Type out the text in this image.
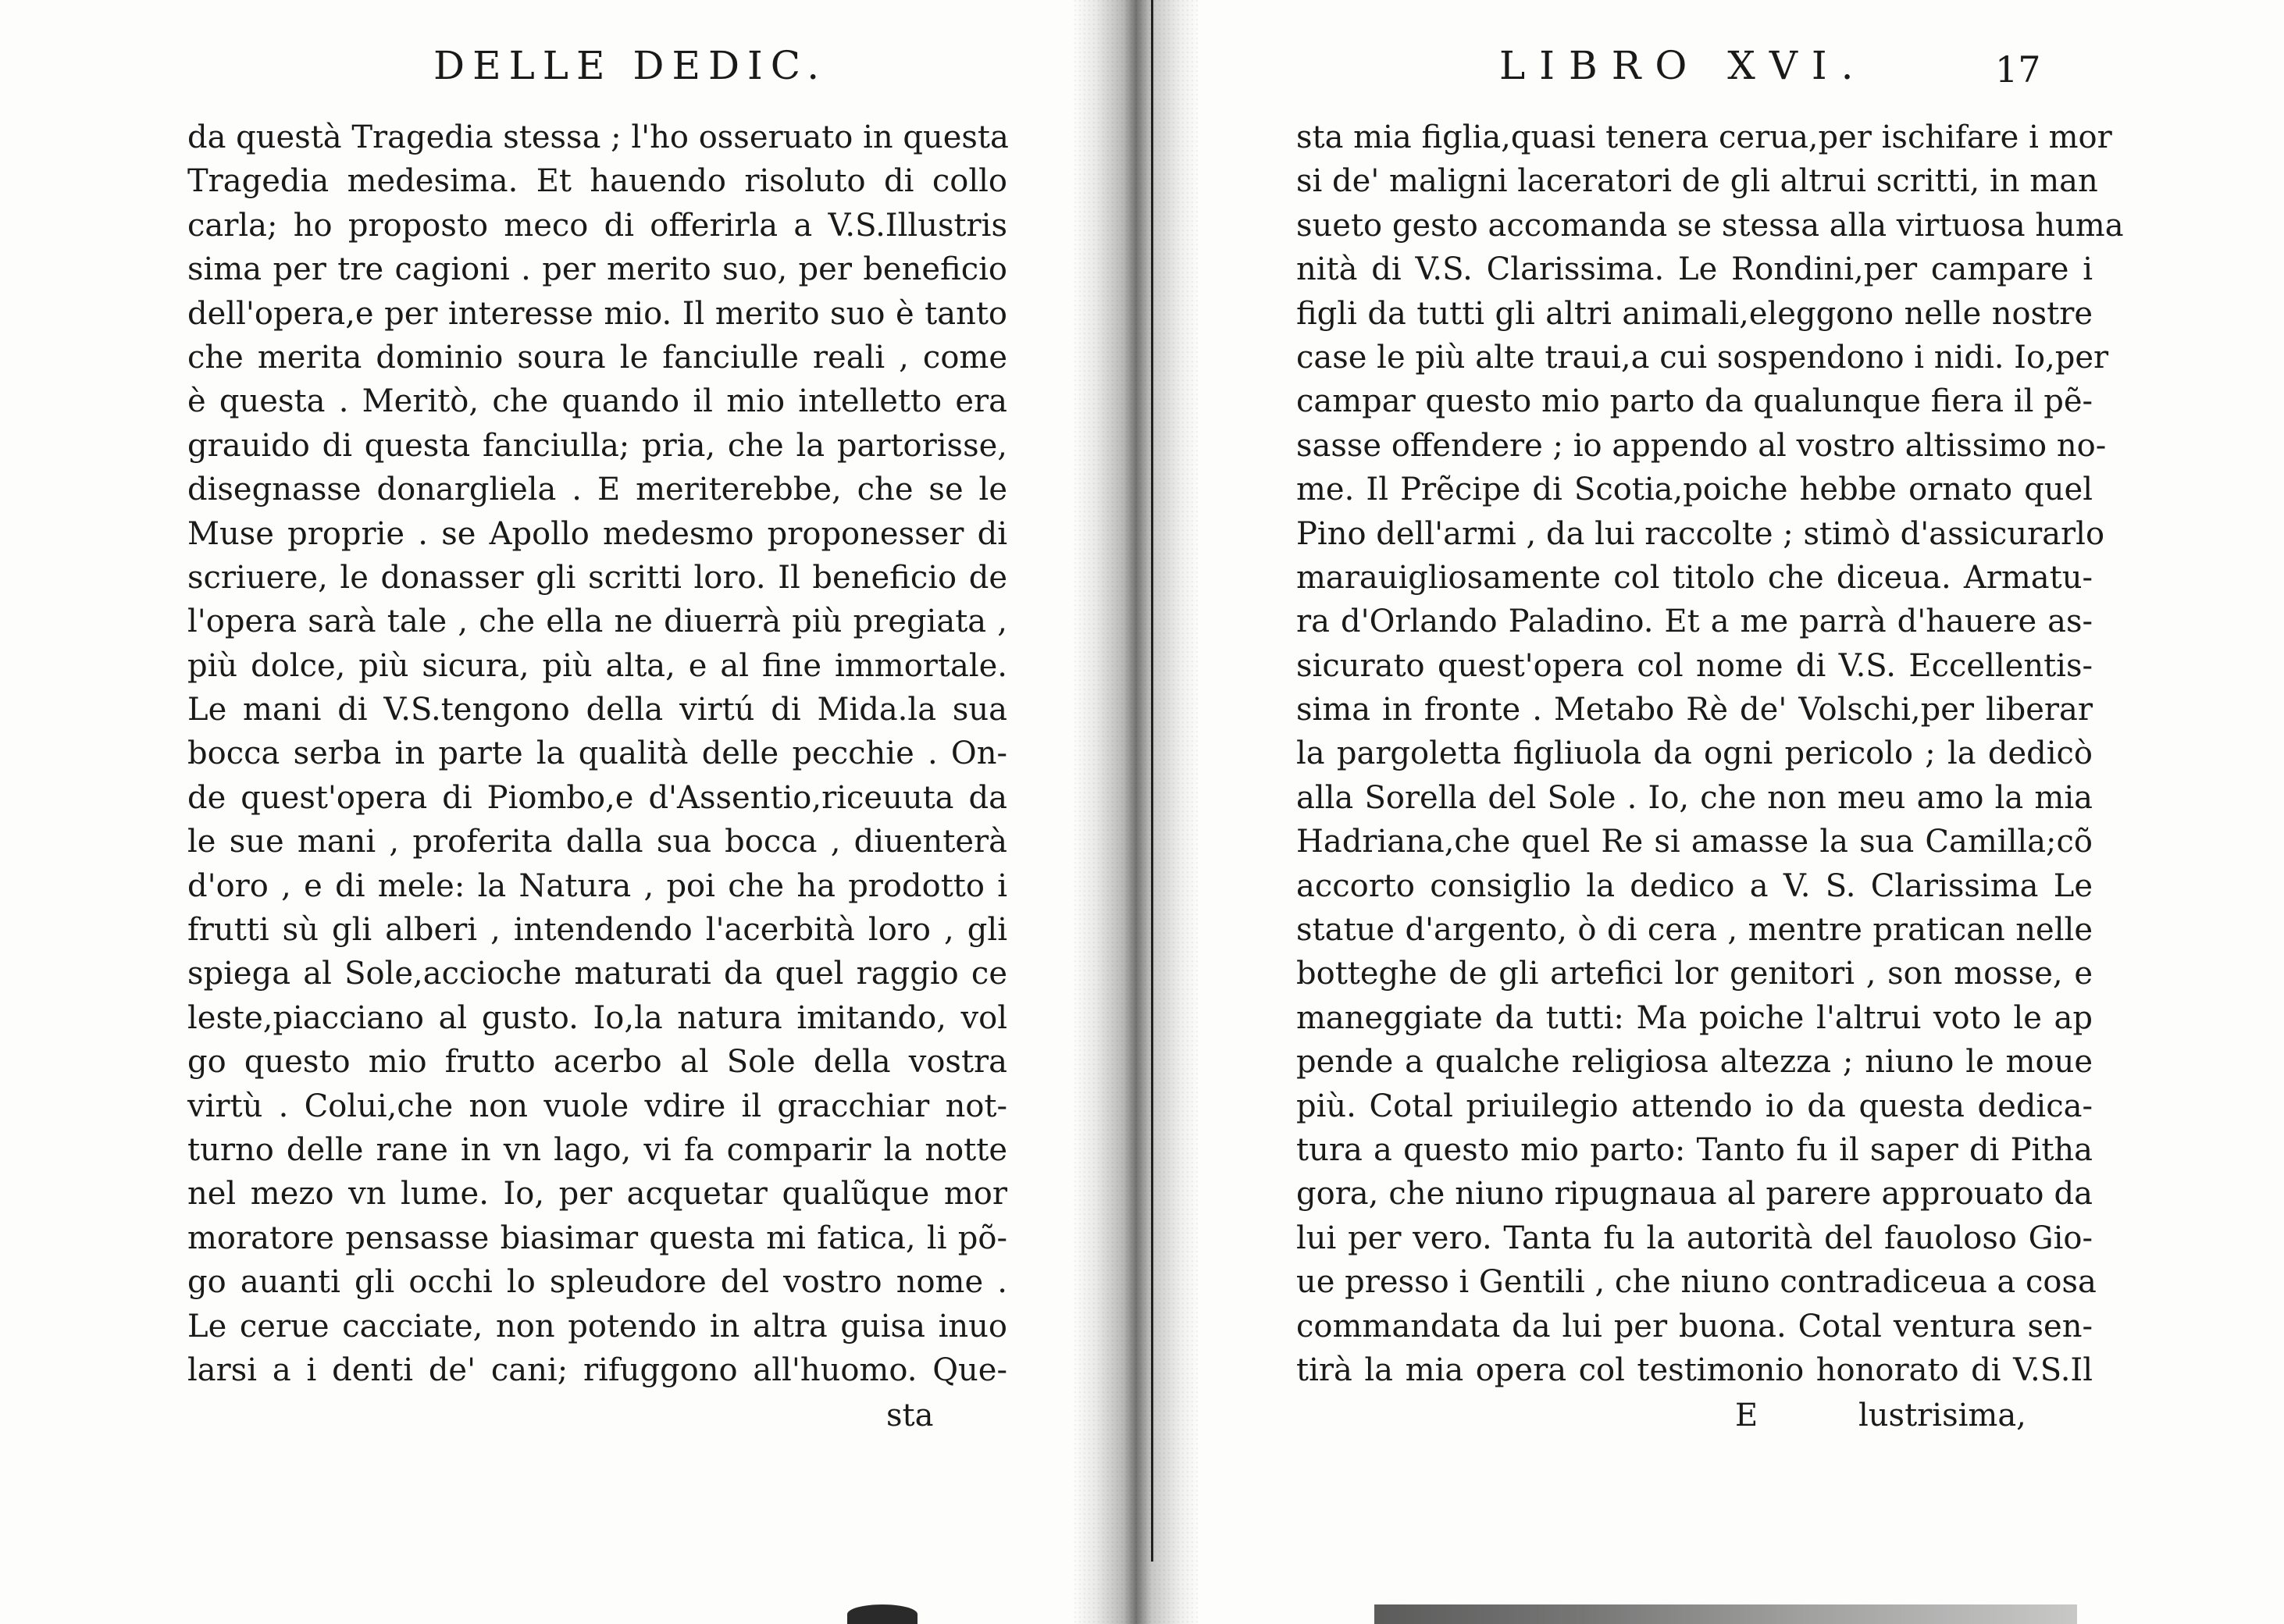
DELLE DEDIC.
da questà Tragedia stessa ; l'ho osseruato in questa
Tragedia medesima. Et hauendo risoluto di collo
carla; ho proposto meco di offerirla a V.S.Illustris
sima per tre cagioni . per merito suo, per beneficio
dell'opera,e per interesse mio. Il merito suo è tanto
che merita dominio soura le fanciulle reali , come
è questa . Meritò, che quando il mio intelletto era
grauido di questa fanciulla; pria, che la partorisse,
disegnasse donargliela . E meriterebbe, che se le
Muse proprie . se Apollo medesmo proponesser di
scriuere, le donasser gli scritti loro. Il beneficio de
l'opera sarà tale , che ella ne diuerrà più pregiata ,
più dolce, più sicura, più alta, e al fine immortale.
Le mani di V.S.tengono della virtú di Mida.la sua
bocca serba in parte la qualità delle pecchie . On-
de quest'opera di Piombo,e d'Assentio,riceuuta da
le sue mani , proferita dalla sua bocca , diuenterà
d'oro , e di mele: la Natura , poi che ha prodotto i
frutti sù gli alberi , intendendo l'acerbità loro , gli
spiega al Sole,accioche maturati da quel raggio ce
leste,piacciano al gusto. Io,la natura imitando, vol
go questo mio frutto acerbo al Sole della vostra
virtù . Colui,che non vuole vdire il gracchiar not-
turno delle rane in vn lago, vi fa comparir la notte
nel mezo vn lume. Io, per acquetar qualũque mor
moratore pensasse biasimar questa mi fatica, li põ-
go auanti gli occhi lo spleudore del vostro nome .
Le cerue cacciate, non potendo in altra guisa inuo
larsi a i denti de' cani; rifuggono all'huomo. Que-
sta
LIBRO XVI.	17
sta mia figlia,quasi tenera cerua,per ischifare i mor
si de' maligni laceratori de gli altrui scritti, in man
sueto gesto accomanda se stessa alla virtuosa huma
nità di V.S. Clarissima. Le Rondini,per campare i
figli da tutti gli altri animali,eleggono nelle nostre
case le più alte traui,a cui sospendono i nidi. Io,per
campar questo mio parto da qualunque fiera il pẽ-
sasse offendere ; io appendo al vostro altissimo no-
me. Il Prẽcipe di Scotia,poiche hebbe ornato quel
Pino dell'armi , da lui raccolte ; stimò d'assicurarlo
marauigliosamente col titolo che diceua. Armatu-
ra d'Orlando Paladino. Et a me parrà d'hauere as-
sicurato quest'opera col nome di V.S. Eccellentis-
sima in fronte . Metabo Rè de' Volschi,per liberar
la pargoletta figliuola da ogni pericolo ; la dedicò
alla Sorella del Sole . Io, che non meu amo la mia
Hadriana,che quel Re si amasse la sua Camilla;cõ
accorto consiglio la dedico a V. S. Clarissima Le
statue d'argento, ò di cera , mentre pratican nelle
botteghe de gli artefici lor genitori , son mosse, e
maneggiate da tutti: Ma poiche l'altrui voto le ap
pende a qualche religiosa altezza ; niuno le moue
più. Cotal priuilegio attendo io da questa dedica-
tura a questo mio parto: Tanto fu il saper di Pitha
gora, che niuno ripugnaua al parere approuato da
lui per vero. Tanta fu la autorità del fauoloso Gio-
ue presso i Gentili , che niuno contradiceua a cosa
commandata da lui per buona. Cotal ventura sen-
tirà la mia opera col testimonio honorato di V.S.Il
E	lustrisima,
